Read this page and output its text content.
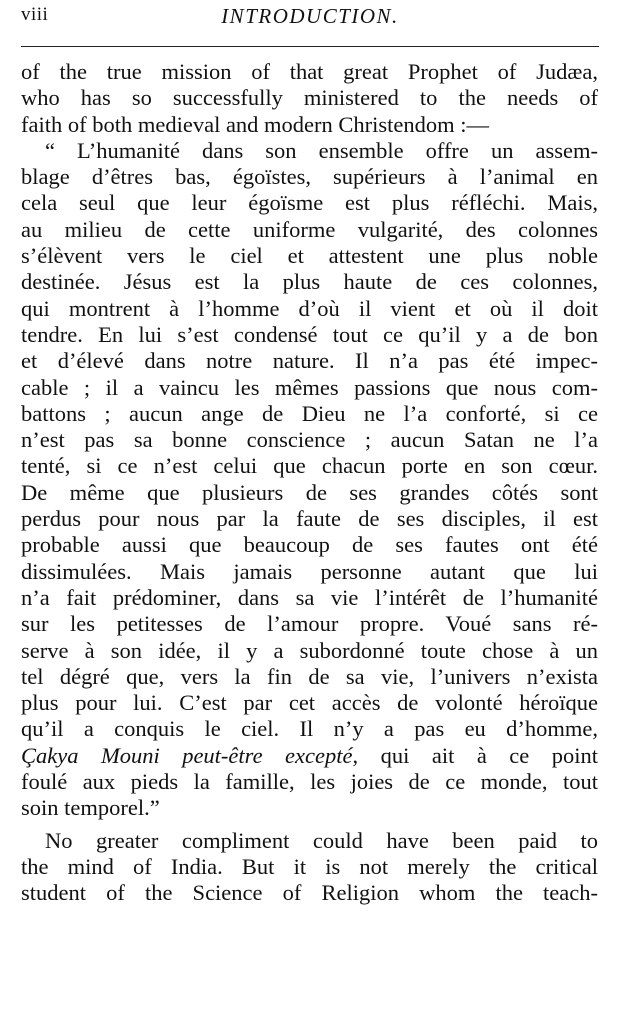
viii	INTRODUCTION.
of the true mission of that great Prophet of Judæa,
who has so successfully ministered to the needs of
faith of both medieval and modern Christendom :—
“ L’humanité dans son ensemble offre un assem-
blage d’êtres bas, égoïstes, supérieurs à l’animal en
cela seul que leur égoïsme est plus réfléchi. Mais,
au milieu de cette uniforme vulgarité, des colonnes
s’élèvent vers le ciel et attestent une plus noble
destinée. Jésus est la plus haute de ces colonnes,
qui montrent à l’homme d’où il vient et où il doit
tendre. En lui s’est condensé tout ce qu’il y a de bon
et d’élevé dans notre nature. Il n’a pas été impec-
cable ; il a vaincu les mêmes passions que nous com-
battons ; aucun ange de Dieu ne l’a conforté, si ce
n’est pas sa bonne conscience ; aucun Satan ne l’a
tenté, si ce n’est celui que chacun porte en son cœur.
De même que plusieurs de ses grandes côtés sont
perdus pour nous par la faute de ses disciples, il est
probable aussi que beaucoup de ses fautes ont été
dissimulées. Mais jamais personne autant que lui
n’a fait prédominer, dans sa vie l’intérêt de l’humanité
sur les petitesses de l’amour propre. Voué sans ré-
serve à son idée, il y a subordonné toute chose à un
tel dégré que, vers la fin de sa vie, l’univers n’exista
plus pour lui. C’est par cet accès de volonté héroïque
qu’il a conquis le ciel. Il n’y a pas eu d’homme,
Çakya Mouni peut-être excepté, qui ait à ce point
foulé aux pieds la famille, les joies de ce monde, tout
soin temporel.”
No greater compliment could have been paid to
the mind of India. But it is not merely the critical
student of the Science of Religion whom the teach-
